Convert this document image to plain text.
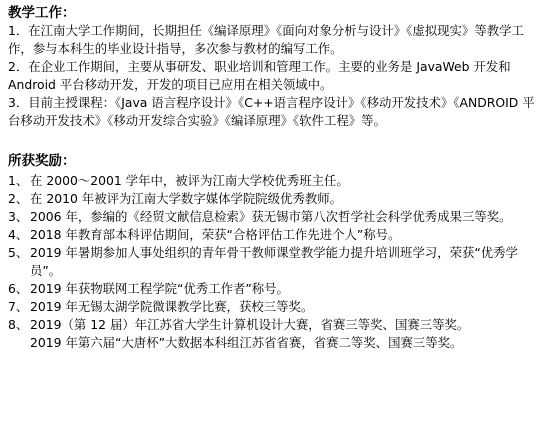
教学工作：

1．在江南大学工作期间，长期担任《编译原理》《面向对象分析与设计》《虚拟现实》等教学工作，参与本科生的毕业设计指导，多次参与教材的编写工作。

2．在企业工作期间，主要从事研发、职业培训和管理工作。主要的业务是 JavaWeb 开发和 Android 平台移动开发，开发的项目已应用在相关领域中。

3．目前主授课程：《Java 语言程序设计》《C++语言程序设计》《移动开发技术》《ANDROID 平台移动开发技术》《移动开发综合实验》《编译原理》《软件工程》等。

所获奖励：
1、 在 2000～2001 学年中，被评为江南大学校优秀班主任。
2、 在 2010 年被评为江南大学数字媒体学院院级优秀教师。
3、 2006 年，参编的《经贸文献信息检索》获无锡市第八次哲学社会科学优秀成果三等奖。
4、 2018 年教育部本科评估期间，荣获“合格评估工作先进个人”称号。
5、 2019 年暑期参加人事处组织的青年骨干教师课堂教学能力提升培训班学习，荣获“优秀学员”。
6、 2019 年获物联网工程学院“优秀工作者”称号。
7、 2019 年无锡太湖学院微课教学比赛，获校三等奖。
8、 2019（第 12 届）年江苏省大学生计算机设计大赛，省赛三等奖、国赛三等奖。

2019 年第六届“大唐杯”大数据本科组江苏省省赛，省赛二等奖、国赛三等奖。
